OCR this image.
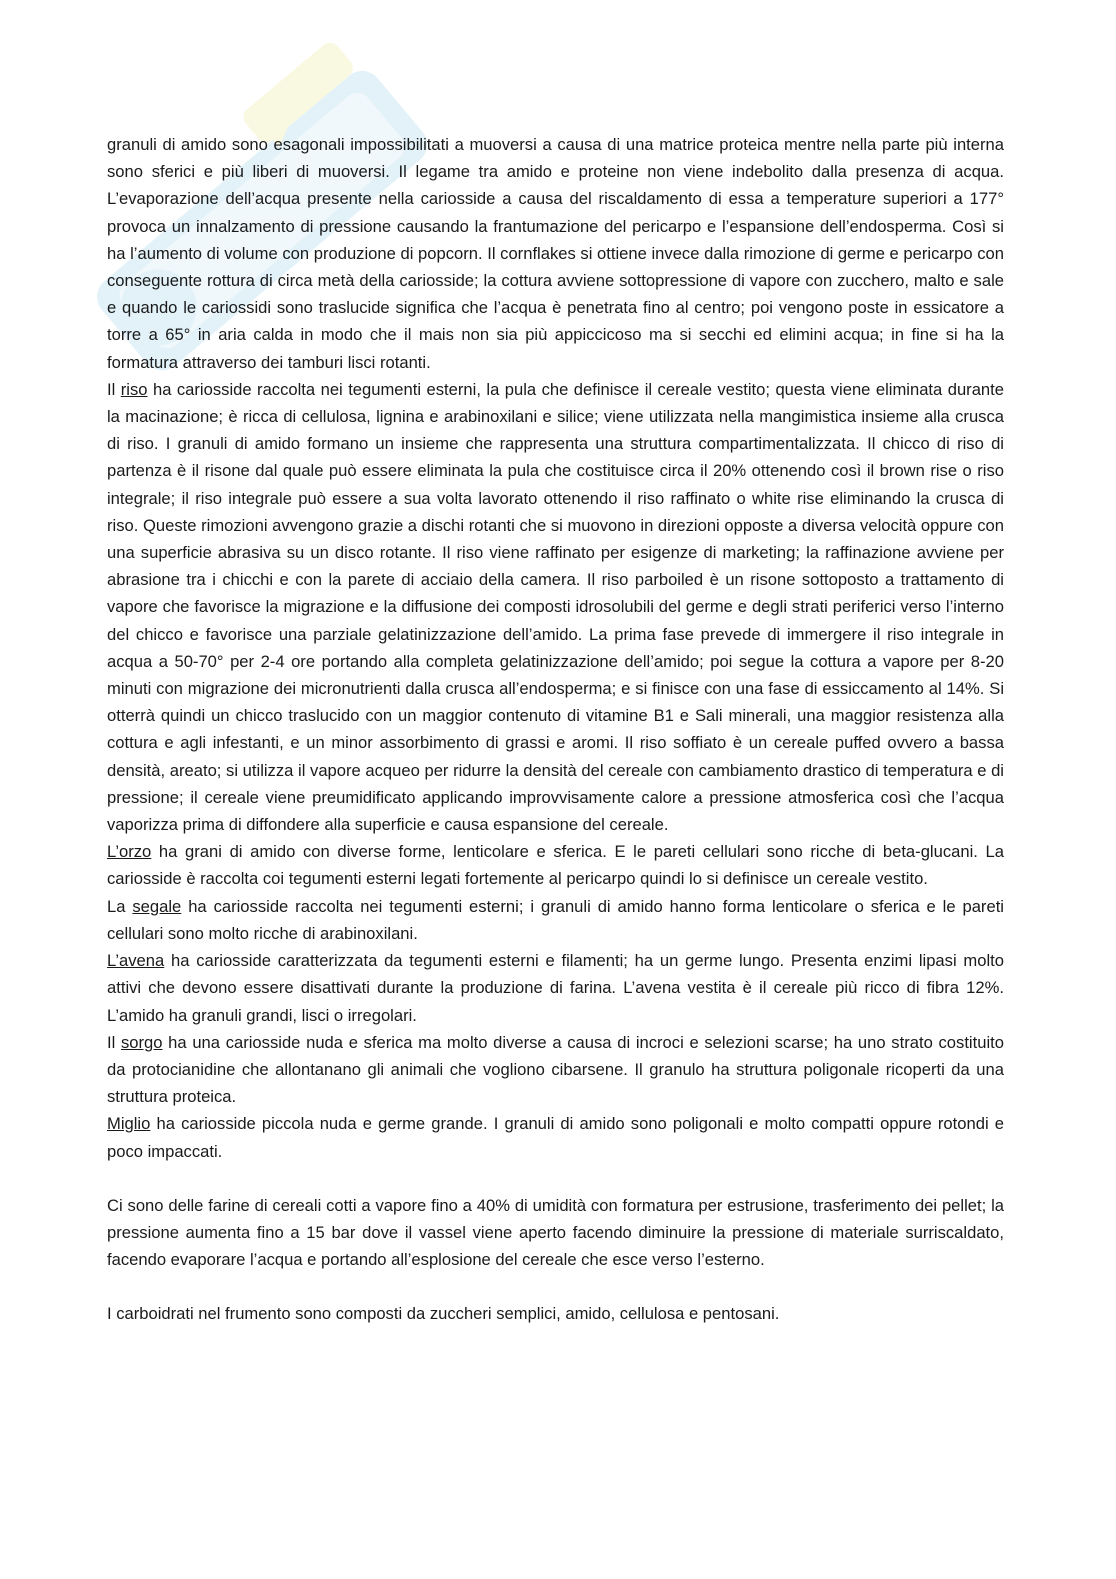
granuli di amido sono esagonali impossibilitati a muoversi a causa di una matrice proteica mentre nella parte più interna sono sferici e più liberi di muoversi. Il legame tra amido e proteine non viene indebolito dalla presenza di acqua. L’evaporazione dell’acqua presente nella cariosside a causa del riscaldamento di essa a temperature superiori a 177° provoca un innalzamento di pressione causando la frantumazione del pericarpo e l’espansione dell’endosperma. Così si ha l’aumento di volume con produzione di popcorn. Il cornflakes si ottiene invece dalla rimozione di germe e pericarpo con conseguente rottura di circa metà della cariosside; la cottura avviene sottopressione di vapore con zucchero, malto e sale e quando le cariossidi sono traslucide significa che l’acqua è penetrata fino al centro; poi vengono poste in essicatore a torre a 65° in aria calda in modo che il mais non sia più appiccicoso ma si secchi ed elimini acqua; in fine si ha la formatura attraverso dei tamburi lisci rotanti.

Il riso ha cariosside raccolta nei tegumenti esterni, la pula che definisce il cereale vestito; questa viene eliminata durante la macinazione; è ricca di cellulosa, lignina e arabinoxilani e silice; viene utilizzata nella mangimistica insieme alla crusca di riso. I granuli di amido formano un insieme che rappresenta una struttura compartimentalizzata. Il chicco di riso di partenza è il risone dal quale può essere eliminata la pula che costituisce circa il 20% ottenendo così il brown rise o riso integrale; il riso integrale può essere a sua volta lavorato ottenendo il riso raffinato o white rise eliminando la crusca di riso. Queste rimozioni avvengono grazie a dischi rotanti che si muovono in direzioni opposte a diversa velocità oppure con una superficie abrasiva su un disco rotante. Il riso viene raffinato per esigenze di marketing; la raffinazione avviene per abrasione tra i chicchi e con la parete di acciaio della camera. Il riso parboiled è un risone sottoposto a trattamento di vapore che favorisce la migrazione e la diffusione dei composti idrosolubili del germe e degli strati periferici verso l’interno del chicco e favorisce una parziale gelatinizzazione dell’amido. La prima fase prevede di immergere il riso integrale in acqua a 50-70° per 2-4 ore portando alla completa gelatinizzazione dell’amido; poi segue la cottura a vapore per 8-20 minuti con migrazione dei micronutrienti dalla crusca all’endosperma; e si finisce con una fase di essiccamento al 14%. Si otterrà quindi un chicco traslucido con un maggior contenuto di vitamine B1 e Sali minerali, una maggior resistenza alla cottura e agli infestanti, e un minor assorbimento di grassi e aromi. Il riso soffiato è un cereale puffed ovvero a bassa densità, areato; si utilizza il vapore acqueo per ridurre la densità del cereale con cambiamento drastico di temperatura e di pressione; il cereale viene preumidificato applicando improvvisamente calore a pressione atmosferica così che l’acqua vaporizza prima di diffondere alla superficie e causa espansione del cereale.

L’orzo ha grani di amido con diverse forme, lenticolare e sferica. E le pareti cellulari sono ricche di beta-glucani. La cariosside è raccolta coi tegumenti esterni legati fortemente al pericarpo quindi lo si definisce un cereale vestito.

La segale ha cariosside raccolta nei tegumenti esterni; i granuli di amido hanno forma lenticolare o sferica e le pareti cellulari sono molto ricche di arabinoxilani.

L’avena ha cariosside caratterizzata da tegumenti esterni e filamenti; ha un germe lungo. Presenta enzimi lipasi molto attivi che devono essere disattivati durante la produzione di farina. L’avena vestita è il cereale più ricco di fibra 12%. L’amido ha granuli grandi, lisci o irregolari.

Il sorgo ha una cariosside nuda e sferica ma molto diverse a causa di incroci e selezioni scarse; ha uno strato costituito da protocianidine che allontanano gli animali che vogliono cibarsene. Il granulo ha struttura poligonale ricoperti da una struttura proteica.

Miglio ha cariosside piccola nuda e germe grande. I granuli di amido sono poligonali e molto compatti oppure rotondi e poco impaccati.

Ci sono delle farine di cereali cotti a vapore fino a 40% di umidità con formatura per estrusione, trasferimento dei pellet; la pressione aumenta fino a 15 bar dove il vassel viene aperto facendo diminuire la pressione di materiale surriscaldato, facendo evaporare l’acqua e portando all’esplosione del cereale che esce verso l’esterno.

I carboidrati nel frumento sono composti da zuccheri semplici, amido, cellulosa e pentosani.
